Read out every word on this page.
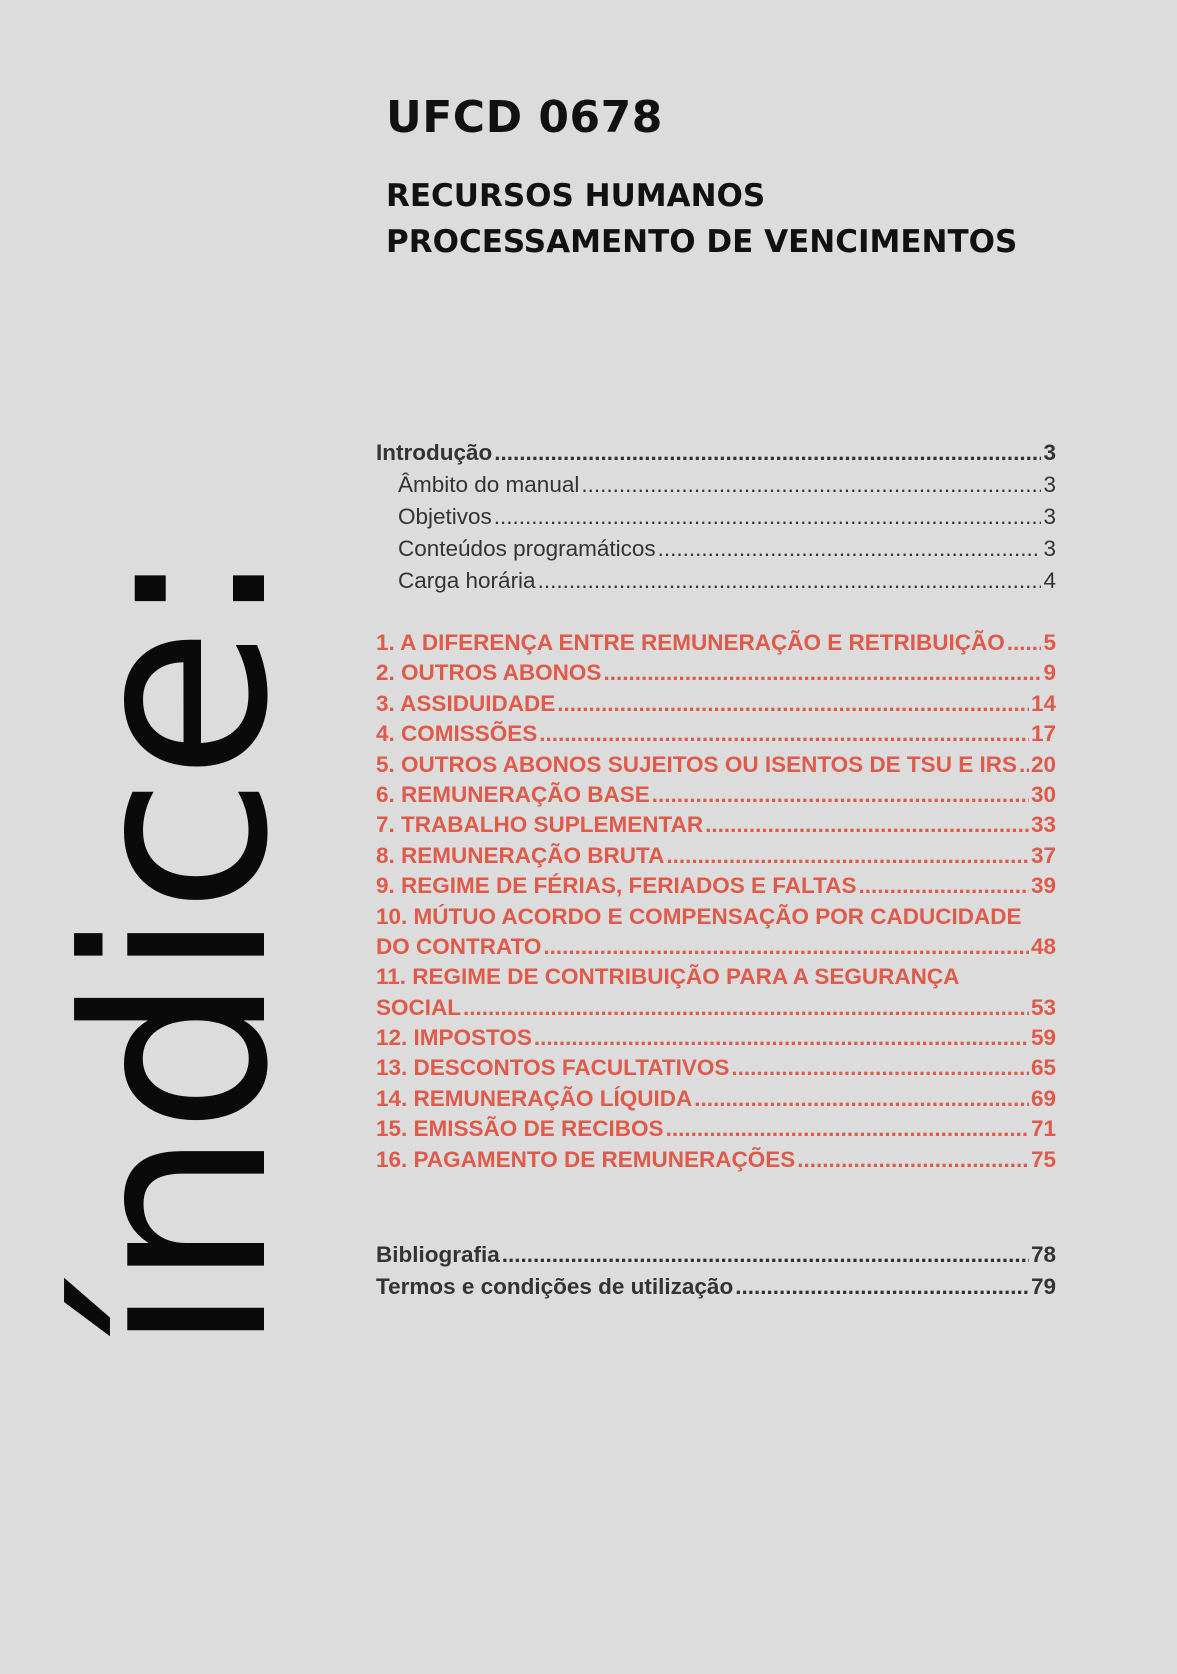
UFCD 0678
RECURSOS HUMANOS
PROCESSAMENTO DE VENCIMENTOS
índice:
Introdução .....	3
Âmbito do manual .....	3
Objetivos .....	3
Conteúdos programáticos .....	3
Carga horária .....	4
1. A DIFERENÇA ENTRE REMUNERAÇÃO E RETRIBUIÇÃO ..... 5
2. OUTROS ABONOS .....	9
3. ASSIDUIDADE .....	14
4. COMISSÕES .....	17
5. OUTROS ABONOS SUJEITOS OU ISENTOS DE TSU E IRS ..... 20
6. REMUNERAÇÃO BASE .....	30
7. TRABALHO SUPLEMENTAR .....	33
8. REMUNERAÇÃO BRUTA .....	37
9. REGIME DE FÉRIAS, FERIADOS E FALTAS .....	39
10. MÚTUO ACORDO E COMPENSAÇÃO POR CADUCIDADE
DO CONTRATO .....	48
11. REGIME DE CONTRIBUIÇÃO PARA A SEGURANÇA
SOCIAL .....	53
12. IMPOSTOS .....	59
13. DESCONTOS FACULTATIVOS .....	65
14. REMUNERAÇÃO LÍQUIDA .....	69
15. EMISSÃO DE RECIBOS .....	71
16. PAGAMENTO DE REMUNERAÇÕES .....	75
Bibliografia .....	78
Termos e condições de utilização .....	79
